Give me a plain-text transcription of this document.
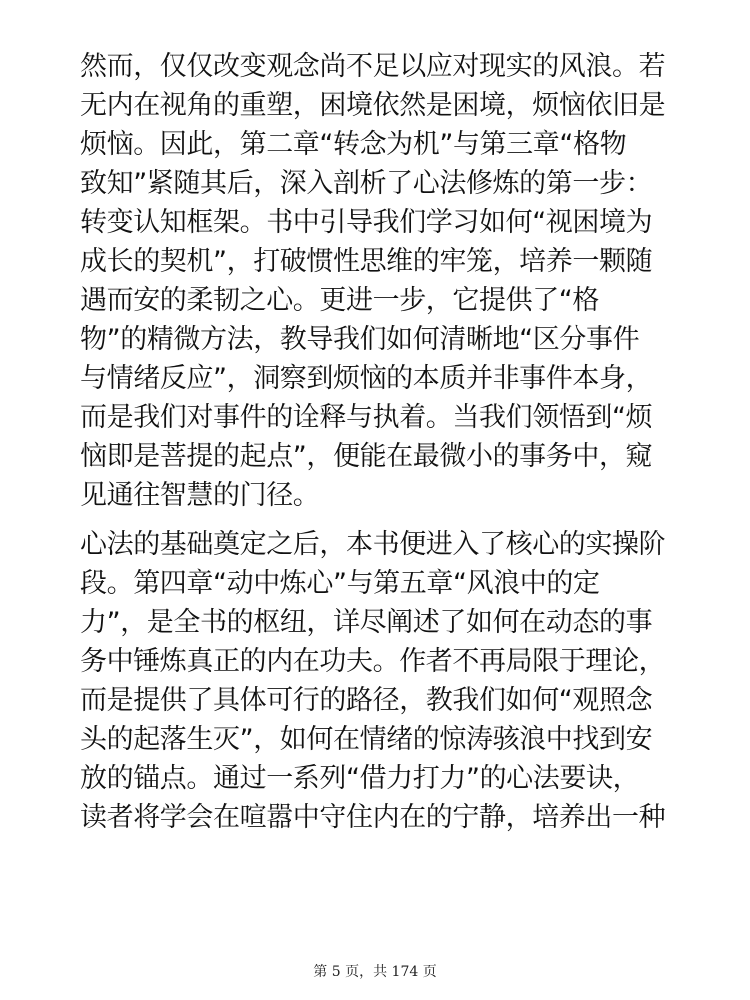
然而，仅仅改变观念尚不足以应对现实的风浪。若
无内在视角的重塑，困境依然是困境，烦恼依旧是
烦恼。因此，第二章“转念为机”与第三章“格物
致知”紧随其后，深入剖析了心法修炼的第一步：
转变认知框架。书中引导我们学习如何“视困境为
成长的契机”，打破惯性思维的牢笼，培养一颗随
遇而安的柔韧之心。更进一步，它提供了“格
物”的精微方法，教导我们如何清晰地“区分事件
与情绪反应”，洞察到烦恼的本质并非事件本身，
而是我们对事件的诠释与执着。当我们领悟到“烦
恼即是菩提的起点”，便能在最微小的事务中，窥
见通往智慧的门径。
心法的基础奠定之后，本书便进入了核心的实操阶
段。第四章“动中炼心”与第五章“风浪中的定
力”，是全书的枢纽，详尽阐述了如何在动态的事
务中锤炼真正的内在功夫。作者不再局限于理论，
而是提供了具体可行的路径，教我们如何“观照念
头的起落生灭”，如何在情绪的惊涛骇浪中找到安
放的锚点。通过一系列“借力打力”的心法要诀，
读者将学会在喧嚣中守住内在的宁静，培养出一种
第 5 页，共 174 页
